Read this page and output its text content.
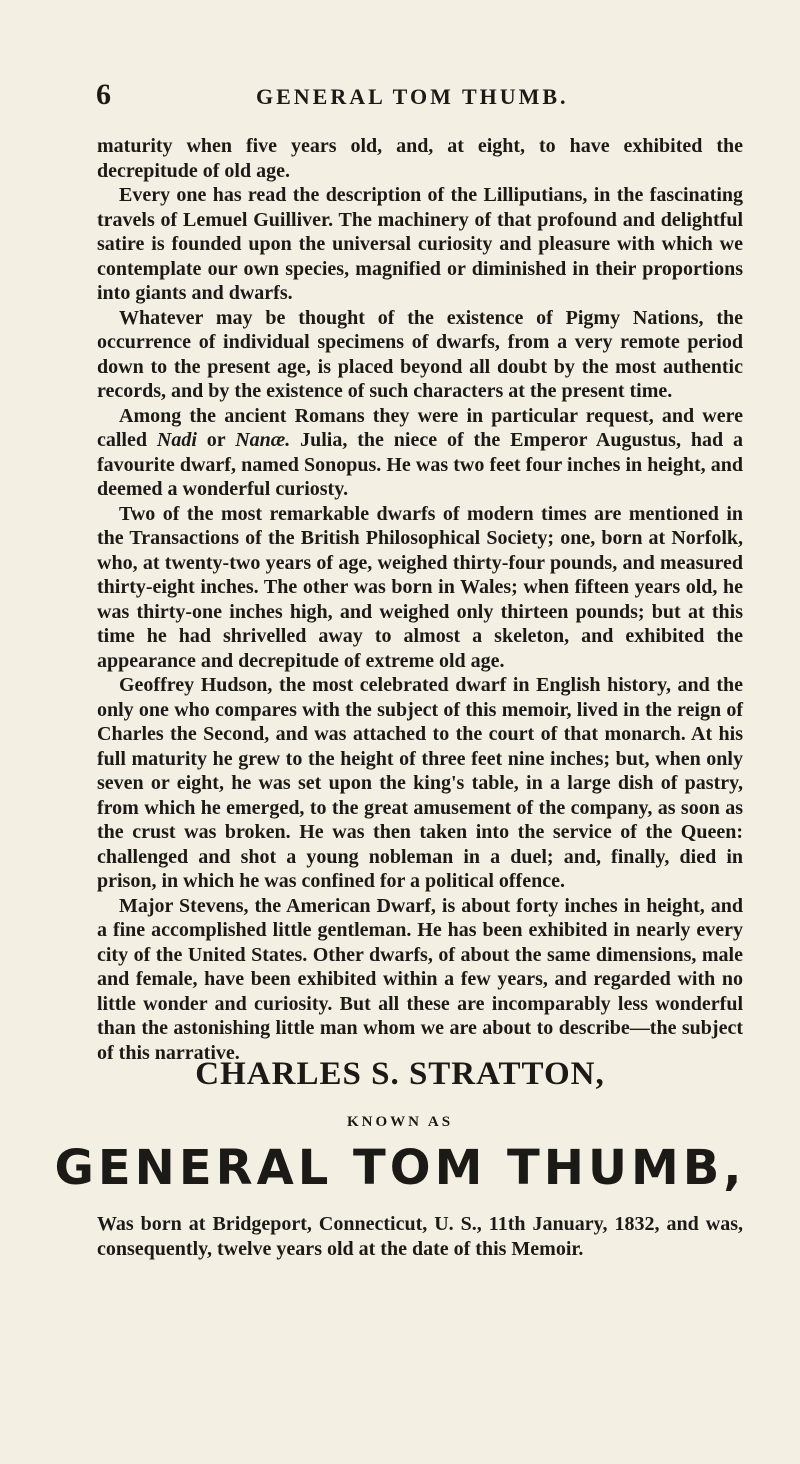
6	GENERAL TOM THUMB.

maturity when five years old, and, at eight, to have exhibited the decrepitude of old age.

Every one has read the description of the Lilliputians, in the fascinating travels of Lemuel Guilliver. The machinery of that profound and delightful satire is founded upon the universal curiosity and pleasure with which we contemplate our own species, magnified or diminished in their proportions into giants and dwarfs.

Whatever may be thought of the existence of Pigmy Nations, the occurrence of individual specimens of dwarfs, from a very remote period down to the present age, is placed beyond all doubt by the most authentic records, and by the existence of such characters at the present time.

Among the ancient Romans they were in particular request, and were called Nadi or Nanæ. Julia, the niece of the Emperor Augustus, had a favourite dwarf, named Sonopus. He was two feet four inches in height, and deemed a wonderful curiosty.

Two of the most remarkable dwarfs of modern times are mentioned in the Transactions of the British Philosophical Society; one, born at Norfolk, who, at twenty-two years of age, weighed thirty-four pounds, and measured thirty-eight inches. The other was born in Wales; when fifteen years old, he was thirty-one inches high, and weighed only thirteen pounds; but at this time he had shrivelled away to almost a skeleton, and exhibited the appearance and decrepitude of extreme old age.

Geoffrey Hudson, the most celebrated dwarf in English history, and the only one who compares with the subject of this memoir, lived in the reign of Charles the Second, and was attached to the court of that monarch. At his full maturity he grew to the height of three feet nine inches; but, when only seven or eight, he was set upon the king's table, in a large dish of pastry, from which he emerged, to the great amusement of the company, as soon as the crust was broken. He was then taken into the service of the Queen: challenged and shot a young nobleman in a duel; and, finally, died in prison, in which he was confined for a political offence.

Major Stevens, the American Dwarf, is about forty inches in height, and a fine accomplished little gentleman. He has been exhibited in nearly every city of the United States. Other dwarfs, of about the same dimensions, male and female, have been exhibited within a few years, and regarded with no little wonder and curiosity. But all these are incomparably less wonderful than the astonishing little man whom we are about to describe—the subject of this narrative.

CHARLES S. STRATTON,
KNOWN AS
GENERAL TOM THUMB,

Was born at Bridgeport, Connecticut, U. S., 11th January, 1832, and was, consequently, twelve years old at the date of this Memoir.
